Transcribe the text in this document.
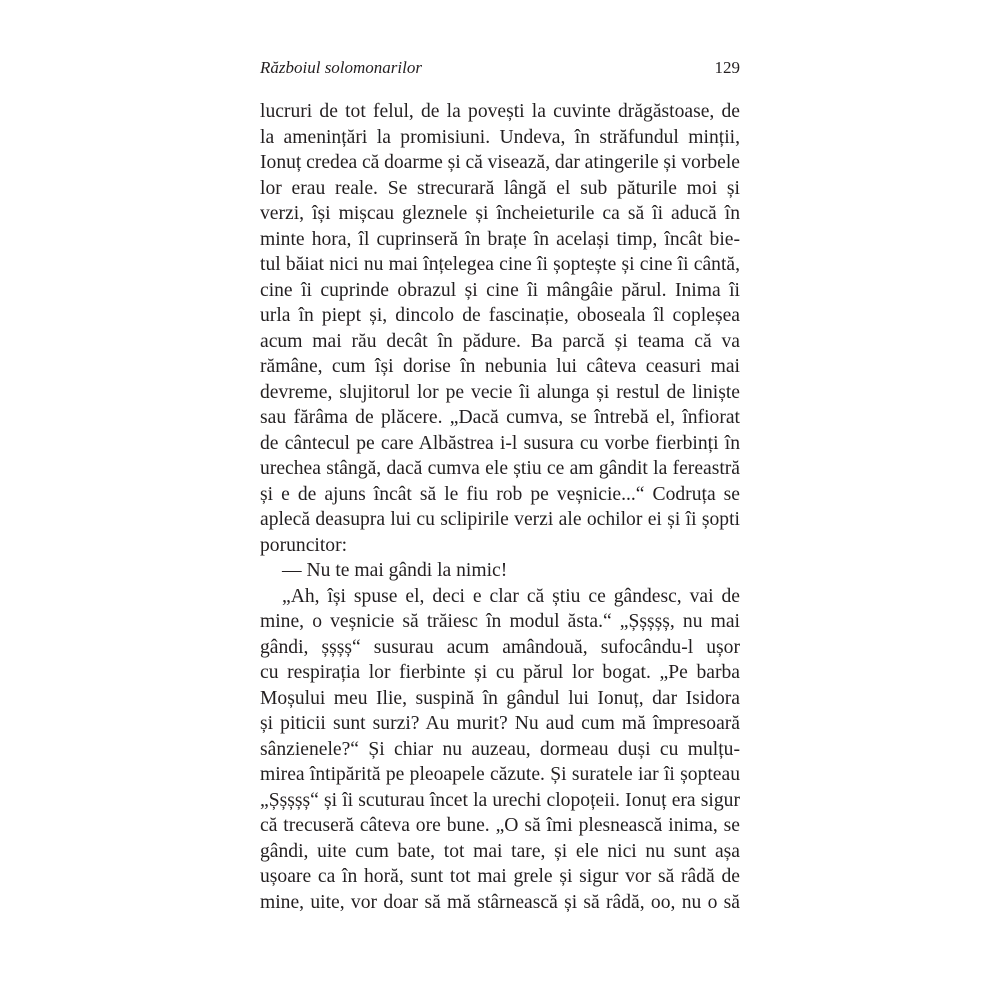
Războiul solomonarilor	129
lucruri de tot felul, de la povești la cuvinte drăgăstoase, de
la amenințări la promisiuni. Undeva, în străfundul minții,
Ionuț credea că doarme și că visează, dar atingerile și vorbele
lor erau reale. Se strecurară lângă el sub păturile moi și
verzi, își mișcau gleznele și încheieturile ca să îi aducă în
minte hora, îl cuprinseră în brațe în același timp, încât bie-
tul băiat nici nu mai înțelegea cine îi șoptește și cine îi cântă,
cine îi cuprinde obrazul și cine îi mângâie părul. Inima îi
urla în piept și, dincolo de fascinație, oboseala îl copleșea
acum mai rău decât în pădure. Ba parcă și teama că va
rămâne, cum își dorise în nebunia lui câteva ceasuri mai
devreme, slujitorul lor pe vecie îi alunga și restul de liniște
sau fărâma de plăcere. „Dacă cumva, se întrebă el, înfiorat
de cântecul pe care Albăstrea i-l susura cu vorbe fierbinți în
urechea stângă, dacă cumva ele știu ce am gândit la fereastră
și e de ajuns încât să le fiu rob pe veșnicie...“ Codruța se
aplecă deasupra lui cu sclipirile verzi ale ochilor ei și îi șopti
poruncitor:
— Nu te mai gândi la nimic!
„Ah, își spuse el, deci e clar că știu ce gândesc, vai de
mine, o veșnicie să trăiesc în modul ăsta.“ „Șșșșș, nu mai
gândi, șșșș“ susurau acum amândouă, sufocându-l ușor
cu respirația lor fierbinte și cu părul lor bogat. „Pe barba
Moșului meu Ilie, suspină în gândul lui Ionuț, dar Isidora
și piticii sunt surzi? Au murit? Nu aud cum mă împresoară
sânzienele?“ Și chiar nu auzeau, dormeau duși cu mulțu-
mirea întipărită pe pleoapele căzute. Și suratele iar îi șopteau
„Șșșșș“ și îi scuturau încet la urechi clopoțeii. Ionuț era sigur
că trecuseră câteva ore bune. „O să îmi plesnească inima, se
gândi, uite cum bate, tot mai tare, și ele nici nu sunt așa
ușoare ca în horă, sunt tot mai grele și sigur vor să râdă de
mine, uite, vor doar să mă stârnească și să râdă, oo, nu o să
